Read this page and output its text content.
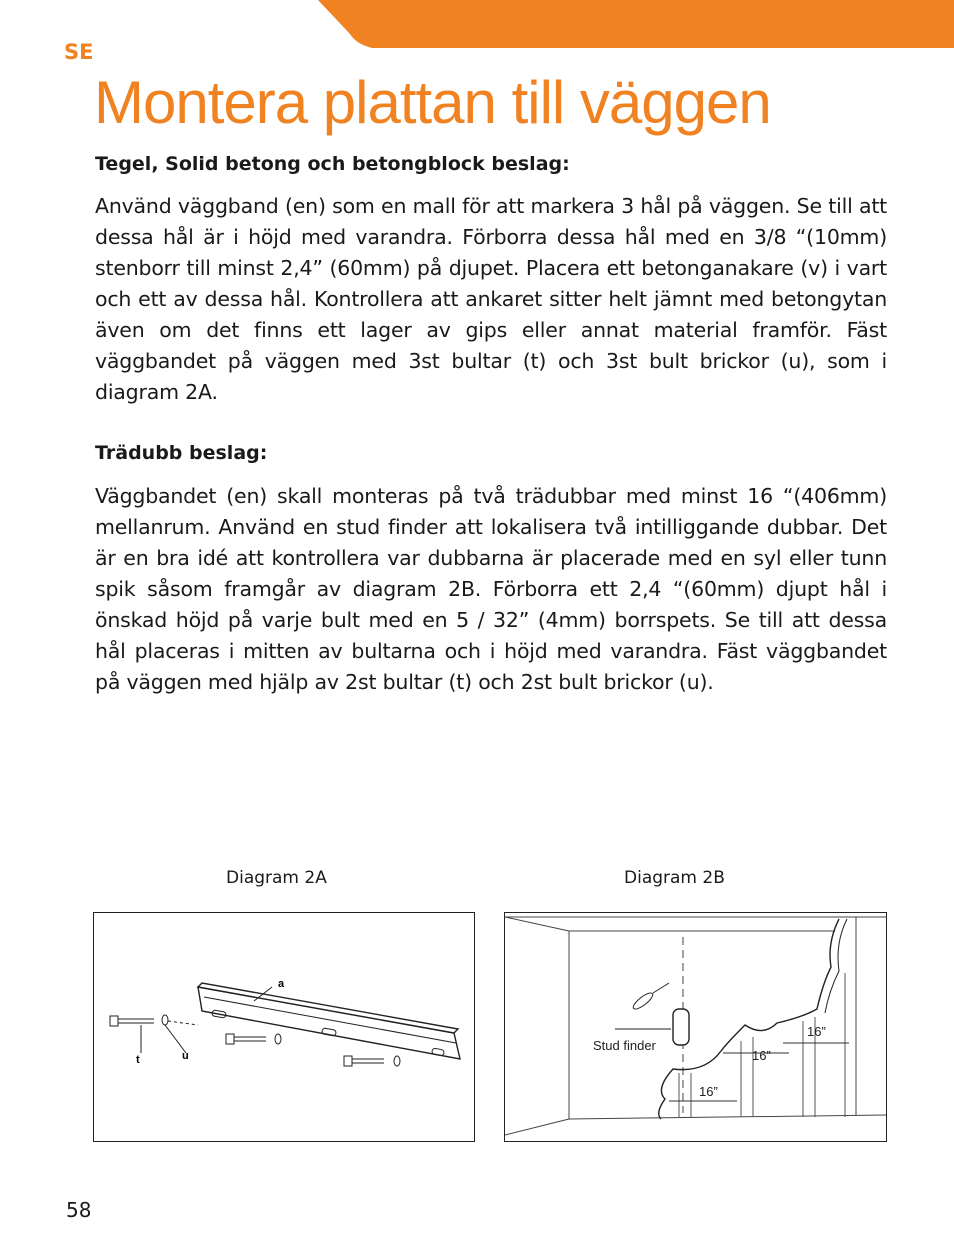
SE
Montera plattan till väggen

Tegel, Solid betong och betongblock beslag:

Använd väggband (en) som en mall för att markera 3 hål på väggen. Se till att dessa hål är i höjd med varandra. Förborra dessa hål med en 3/8 “(10mm) stenborr till minst 2,4” (60mm) på djupet. Placera ett betonganakare (v) i vart och ett av dessa hål. Kontrollera att ankaret sitter helt jämnt med betongytan även om det finns ett lager av gips eller annat material framför. Fäst väggbandet på väggen med 3st bultar (t) och 3st bult brickor (u), som i diagram 2A.

Trädubb beslag:

Väggbandet (en) skall monteras på två trädubbar med minst 16 “(406mm) mellanrum. Använd en stud finder att lokalisera två intilliggande dubbar. Det är en bra idé att kontrollera var dubbarna är placerade med en syl eller tunn spik såsom framgår av diagram 2B. Förborra ett 2,4 “(60mm) djupt hål i önskad höjd på varje bult med en 5 / 32” (4mm) borrspets. Se till att dessa hål placeras i mitten av bultarna och i höjd med varandra. Fäst väggbandet på väggen med hjälp av 2st bultar (t) och 2st bult brickor (u).

Diagram 2A	Diagram 2B
a
t	u
16”
16”
16”
Stud finder
58
